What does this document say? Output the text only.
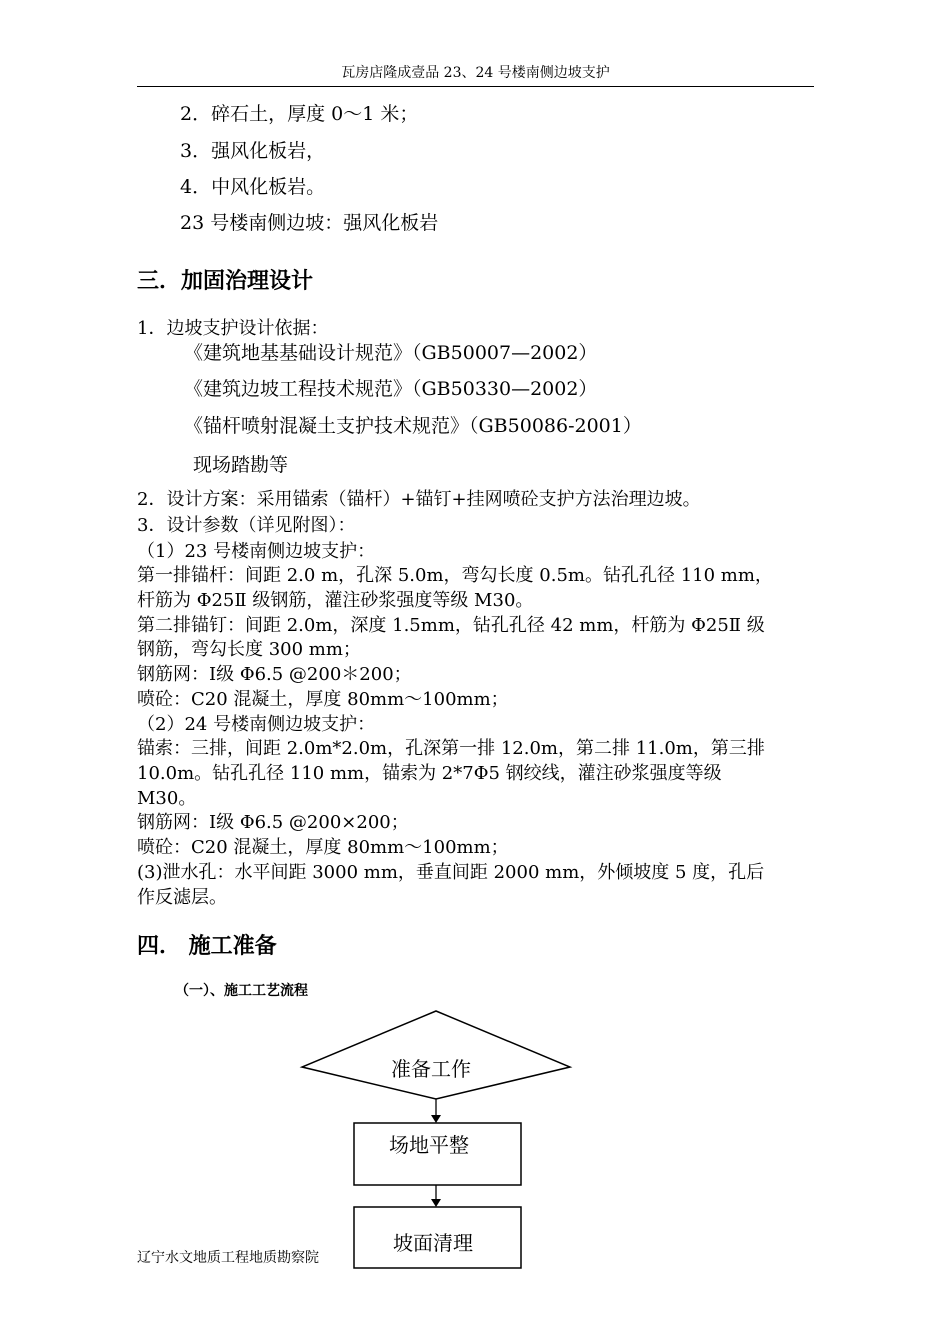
瓦房店隆成壹品 23、24 号楼南侧边坡支护
2．碎石土，厚度 0～1 米；
3．强风化板岩，
4．中风化板岩。
23 号楼南侧边坡：强风化板岩
三．加固治理设计
1．边坡支护设计依据：
《建筑地基基础设计规范》（GB50007—2002）
《建筑边坡工程技术规范》（GB50330—2002）
《锚杆喷射混凝土支护技术规范》（GB50086-2001）
现场踏勘等
2．设计方案：采用锚索（锚杆）+锚钉+挂网喷砼支护方法治理边坡。
3．设计参数（详见附图）：
（1）23 号楼南侧边坡支护：
第一排锚杆：间距 2.0 m，孔深 5.0m，弯勾长度 0.5m。钻孔孔径 110 mm，
杆筋为 Φ25Ⅱ 级钢筋，灌注砂浆强度等级 M30。
第二排锚钉：间距 2.0m，深度 1.5mm，钻孔孔径 42 mm，杆筋为 Φ25Ⅱ 级
钢筋，弯勾长度 300 mm；
钢筋网：Ⅰ级 Φ6.5 @200＊200；
喷砼：C20 混凝土，厚度 80mm～100mm；
（2）24 号楼南侧边坡支护：
锚索：三排，间距 2.0m*2.0m，孔深第一排 12.0m，第二排 11.0m，第三排
10.0m。钻孔孔径 110 mm，锚索为 2*7Φ5 钢绞线，灌注砂浆强度等级
M30。
钢筋网：Ⅰ级 Φ6.5 @200×200；
喷砼：C20 混凝土，厚度 80mm～100mm；
(3)泄水孔：水平间距 3000 mm，垂直间距 2000 mm，外倾坡度 5 度，孔后
作反滤层。
四． 施工准备
（一）、施工工艺流程
准备工作
场地平整
坡面清理
辽宁水文地质工程地质勘察院
